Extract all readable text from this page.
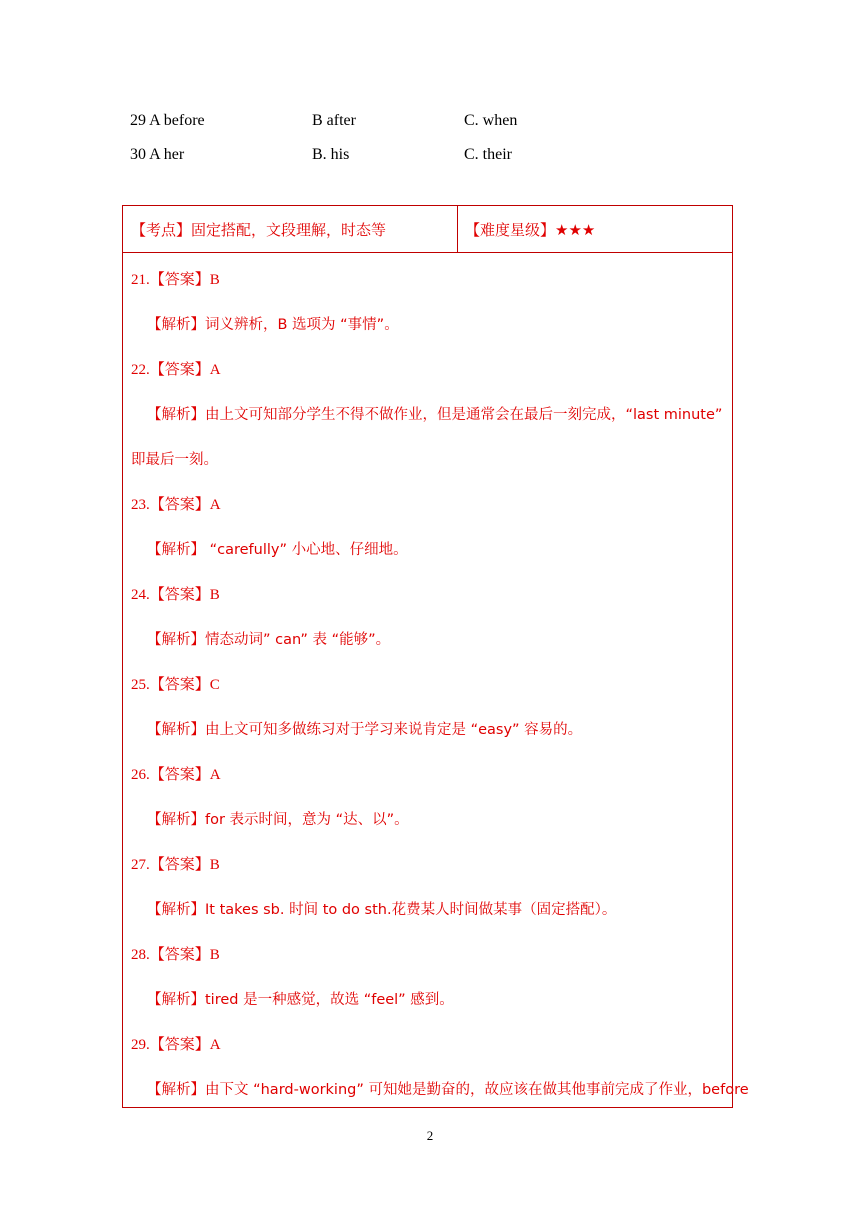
29 A before	B after	C. when
30 A her	B. his	C. their
【考点】固定搭配，文段理解，时态等	【难度星级】★★★
21.【答案】B
【解析】词义辨析，B 选项为 “事情”。
22.【答案】A
【解析】由上文可知部分学生不得不做作业，但是通常会在最后一刻完成，“last minute”
即最后一刻。
23.【答案】A
【解析】 “carefully” 小心地、仔细地。
24.【答案】B
【解析】情态动词” can” 表 “能够”。
25.【答案】C
【解析】由上文可知多做练习对于学习来说肯定是 “easy” 容易的。
26.【答案】A
【解析】for 表示时间，意为 “达、以”。
27.【答案】B
【解析】It takes sb. 时间 to do sth.花费某人时间做某事（固定搭配）。
28.【答案】B
【解析】tired 是一种感觉，故选 “feel” 感到。
29.【答案】A
【解析】由下文 “hard-working” 可知她是勤奋的，故应该在做其他事前完成了作业，before
2
